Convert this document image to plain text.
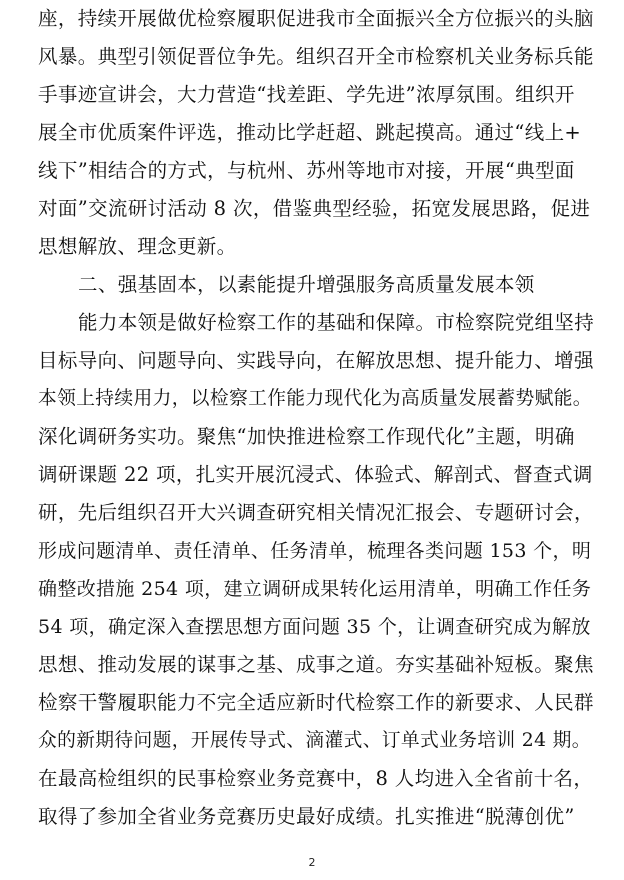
座，持续开展做优检察履职促进我市全面振兴全方位振兴的头脑
风暴。典型引领促晋位争先。组织召开全市检察机关业务标兵能
手事迹宣讲会，大力营造“找差距、学先进”浓厚氛围。组织开
展全市优质案件评选，推动比学赶超、跳起摸高。通过“线上+
线下”相结合的方式，与杭州、苏州等地市对接，开展“典型面
对面”交流研讨活动 8 次，借鉴典型经验，拓宽发展思路，促进
思想解放、理念更新。
二、强基固本，以素能提升增强服务高质量发展本领
能力本领是做好检察工作的基础和保障。市检察院党组坚持
目标导向、问题导向、实践导向，在解放思想、提升能力、增强
本领上持续用力，以检察工作能力现代化为高质量发展蓄势赋能。
深化调研务实功。聚焦“加快推进检察工作现代化”主题，明确
调研课题 22 项，扎实开展沉浸式、体验式、解剖式、督查式调
研，先后组织召开大兴调查研究相关情况汇报会、专题研讨会，
形成问题清单、责任清单、任务清单，梳理各类问题 153 个，明
确整改措施 254 项，建立调研成果转化运用清单，明确工作任务
54 项，确定深入查摆思想方面问题 35 个，让调查研究成为解放
思想、推动发展的谋事之基、成事之道。夯实基础补短板。聚焦
检察干警履职能力不完全适应新时代检察工作的新要求、人民群
众的新期待问题，开展传导式、滴灌式、订单式业务培训 24 期。
在最高检组织的民事检察业务竞赛中，8 人均进入全省前十名，
取得了参加全省业务竞赛历史最好成绩。扎实推进“脱薄创优”
2
